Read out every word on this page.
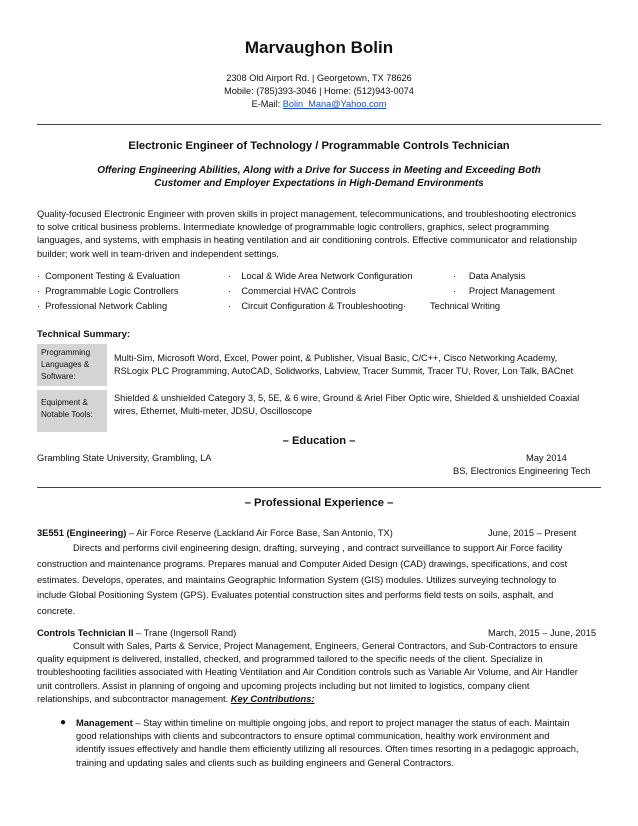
Marvaughon Bolin
2308 Old Airport Rd. | Georgetown, TX 78626
Mobile: (785)393-3046 | Home: (512)943-0074
E-Mail: Bolin_Mana@Yahoo.com
Electronic Engineer of Technology / Programmable Controls Technician
Offering Engineering Abilities, Along with a Drive for Success in Meeting and Exceeding Both
Customer and Employer Expectations in High-Demand Environments
Quality-focused Electronic Engineer with proven skills in project management, telecommunications, and troubleshooting electronics
to solve critical business problems. Intermediate knowledge of programmable logic controllers, graphics, select programming
languages, and systems, with emphasis in heating ventilation and air conditioning controls. Effective communicator and relationship
builder; work well in team-driven and independent settings.
· Component Testing & Evaluation
· Programmable Logic Controllers
· Professional Network Cabling
· Local & Wide Area Network Configuration
· Commercial HVAC Controls
· Circuit Configuration & Troubleshooting·
· Data Analysis
· Project Management
Technical Writing
Technical Summary:
Programming
Languages &
Software:
Multi-Sim, Microsoft Word, Excel, Power point, & Publisher, Visual Basic, C/C++, Cisco Networking Academy,
RSLogix PLC Programming, AutoCAD, Solidworks, Labview, Tracer Summit, Tracer TU, Rover, Lon Talk, BACnet
Equipment &
Notable Tools:
Shielded & unshielded Category 3, 5, 5E, & 6 wire, Ground & Ariel Fiber Optic wire, Shielded & unshielded Coaxial
wires, Ethernet, Multi-meter, JDSU, Oscilloscope
– Education –
Grambling State University, Grambling, LA	May 2014
BS, Electronics Engineering Tech
– Professional Experience –
3E551 (Engineering) – Air Force Reserve (Lackland Air Force Base, San Antonio, TX)	June, 2015 – Present
Directs and performs civil engineering design, drafting, surveying , and contract surveillance to support Air Force facility
construction and maintenance programs. Prepares manual and Computer Aided Design (CAD) drawings, specifications, and cost
estimates. Develops, operates, and maintains Geographic Information System (GIS) modules. Utilizes surveying technology to
include Global Positioning System (GPS). Evaluates potential construction sites and performs field tests on soils, asphalt, and
concrete.
Controls Technician II – Trane (Ingersoll Rand)	March, 2015 – June, 2015
Consult with Sales, Parts & Service, Project Management, Engineers, General Contractors, and Sub-Contractors to ensure
quality equipment is delivered, installed, checked, and programmed tailored to the specific needs of the client. Specialize in
troubleshooting facilities associated with Heating Ventilation and Air Condition controls such as Variable Air Volume, and Air Handler
unit controllers. Assist in planning of ongoing and upcoming projects including but not limited to logistics, company client
relationships, and subcontractor management. Key Contributions:
● Management – Stay within timeline on multiple ongoing jobs, and report to project manager the status of each. Maintain
good relationships with clients and subcontractors to ensure optimal communication, healthy work environment and
identify issues effectively and handle them efficiently utilizing all resources. Often times resorting in a pedagogic approach,
training and updating sales and clients such as building engineers and General Contractors.
